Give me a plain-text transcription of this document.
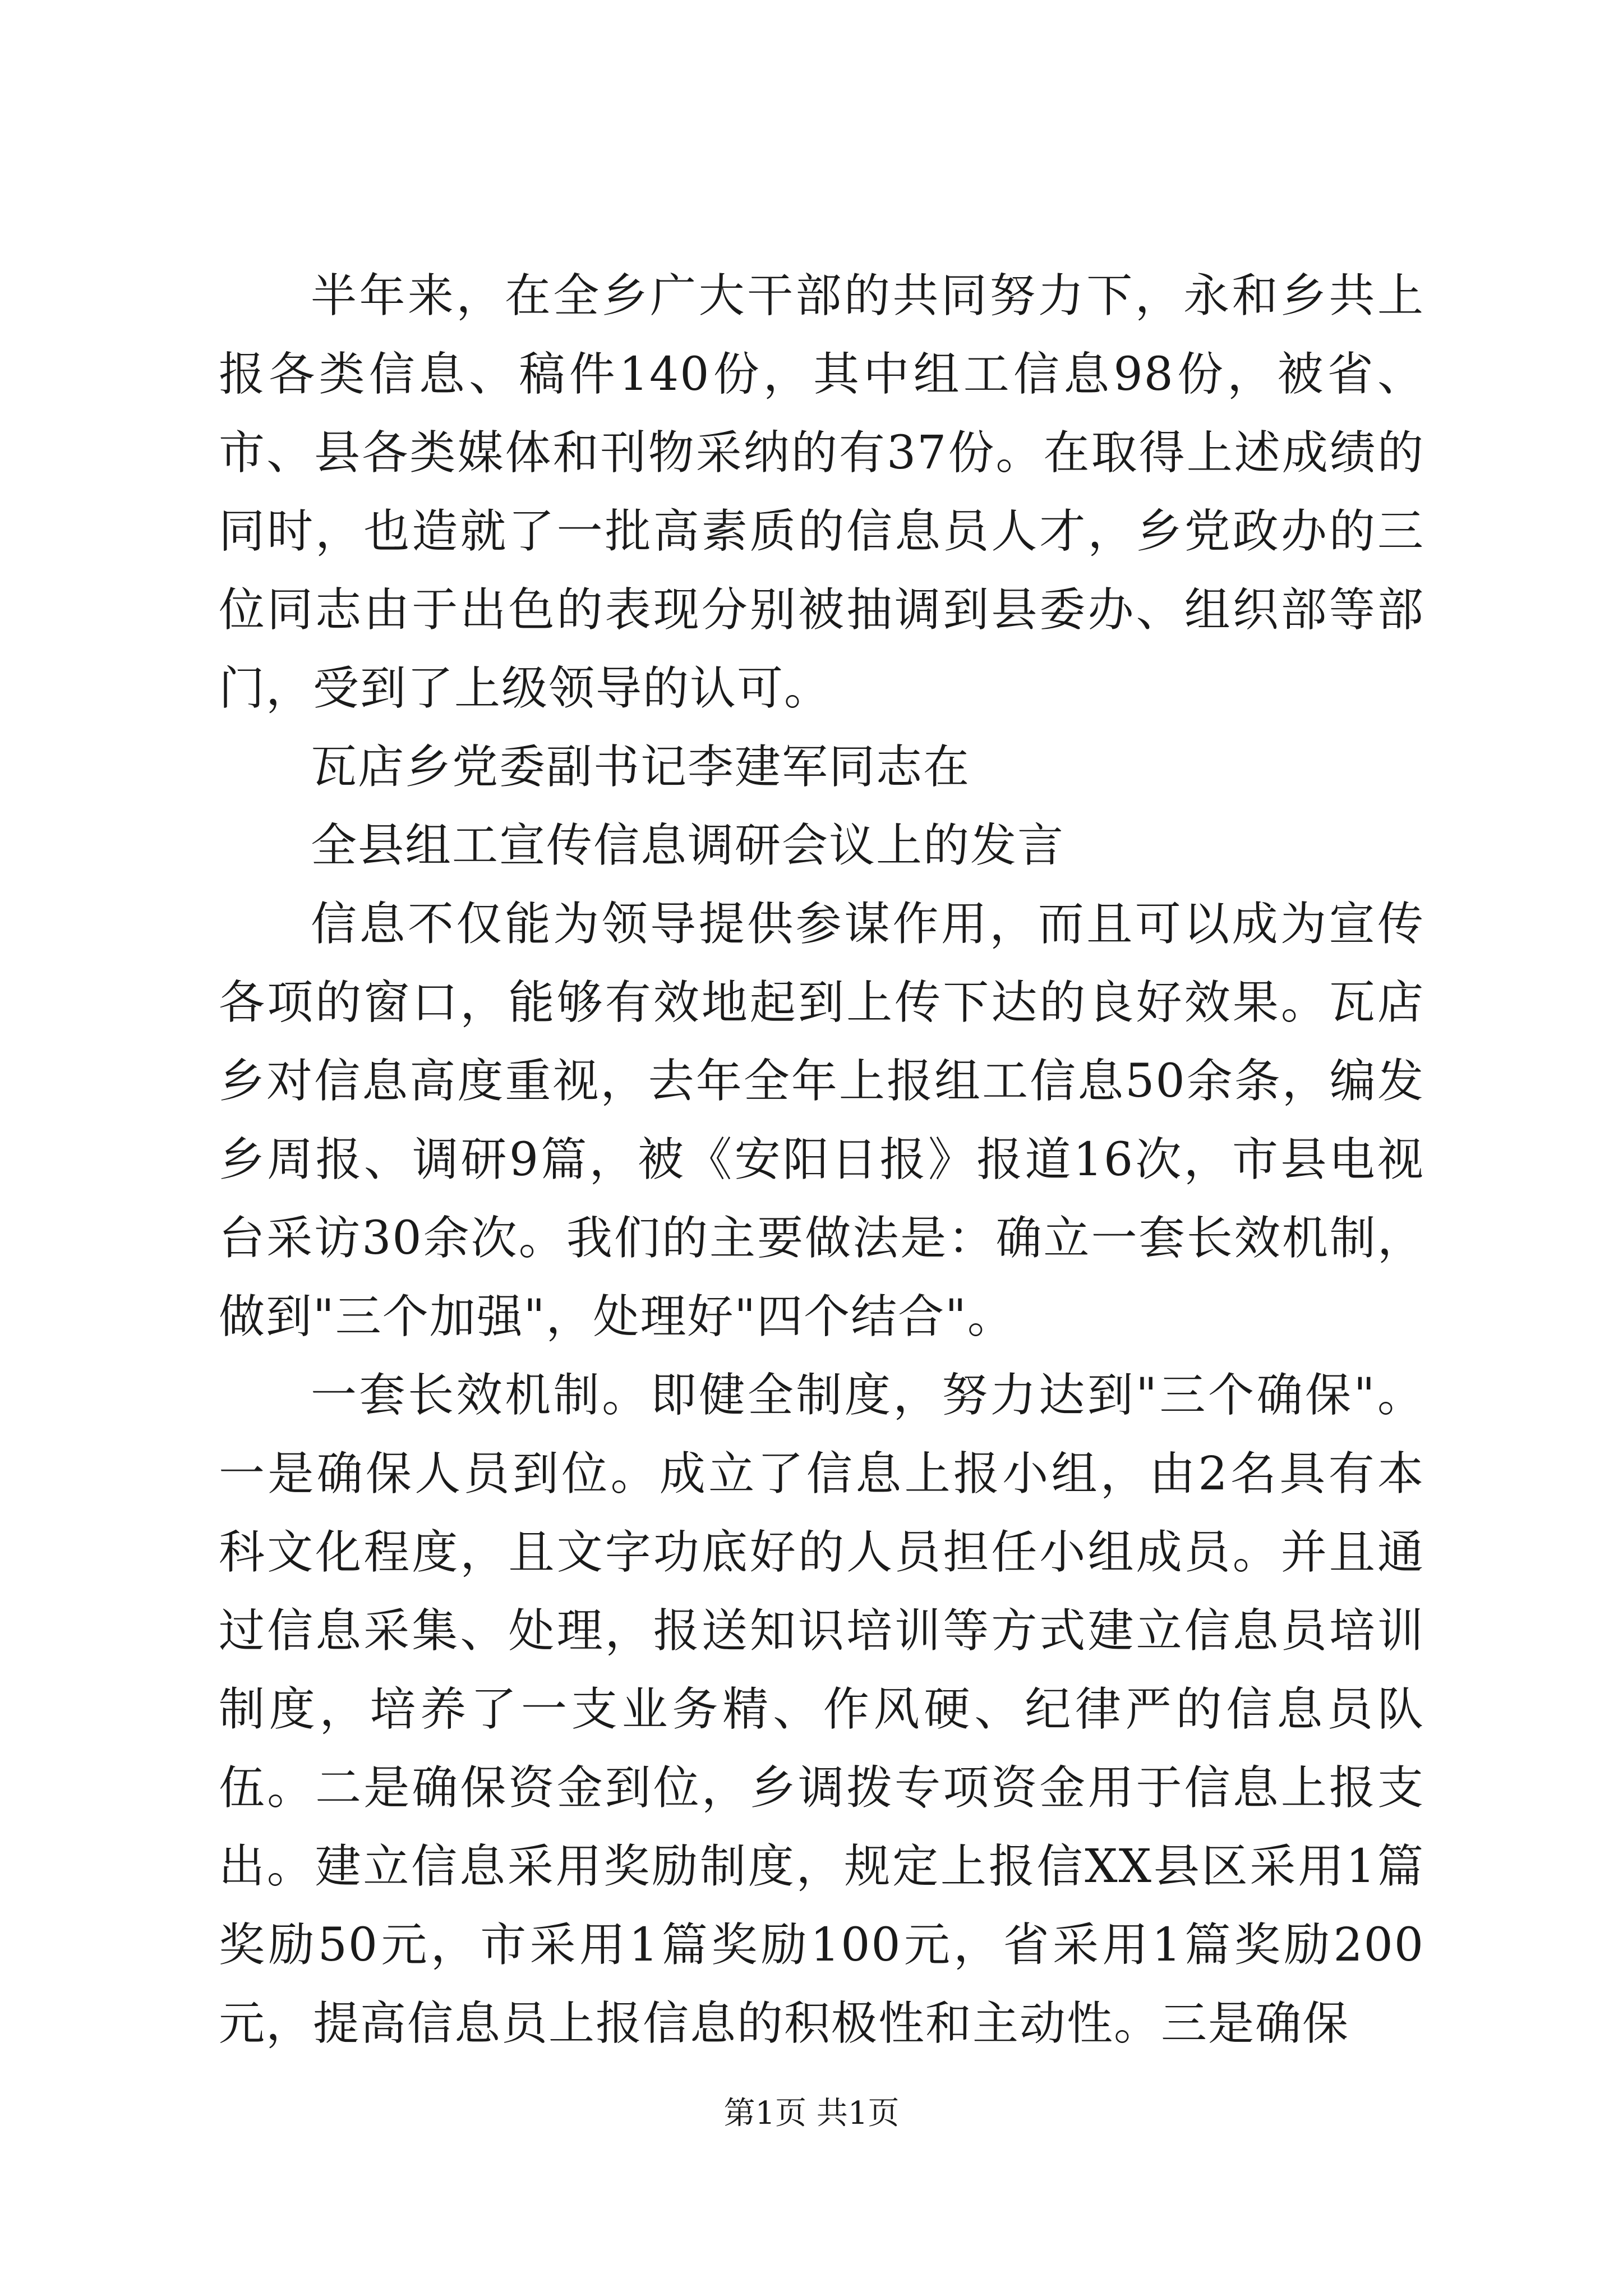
半年来，在全乡广大干部的共同努力下，永和乡共上报各类信息、稿件140份，其中组工信息98份，被省、市、县各类媒体和刊物采纳的有37份。在取得上述成绩的同时，也造就了一批高素质的信息员人才，乡党政办的三位同志由于出色的表现分别被抽调到县委办、组织部等部门，受到了上级领导的认可。

瓦店乡党委副书记李建军同志在

全县组工宣传信息调研会议上的发言

信息不仅能为领导提供参谋作用，而且可以成为宣传各项的窗口，能够有效地起到上传下达的良好效果。瓦店乡对信息高度重视，去年全年上报组工信息50余条，编发乡周报、调研9篇，被《安阳日报》报道16次，市县电视台采访30余次。我们的主要做法是：确立一套长效机制，做到"三个加强"，处理好"四个结合"。

一套长效机制。即健全制度，努力达到"三个确保"。一是确保人员到位。成立了信息上报小组，由2名具有本科文化程度，且文字功底好的人员担任小组成员。并且通过信息采集、处理，报送知识培训等方式建立信息员培训制度，培养了一支业务精、作风硬、纪律严的信息员队伍。二是确保资金到位，乡调拨专项资金用于信息上报支出。建立信息采用奖励制度，规定上报信XX县区采用1篇奖励50元，市采用1篇奖励100元，省采用1篇奖励200元，提高信息员上报信息的积极性和主动性。三是确保

第1页 共1页
